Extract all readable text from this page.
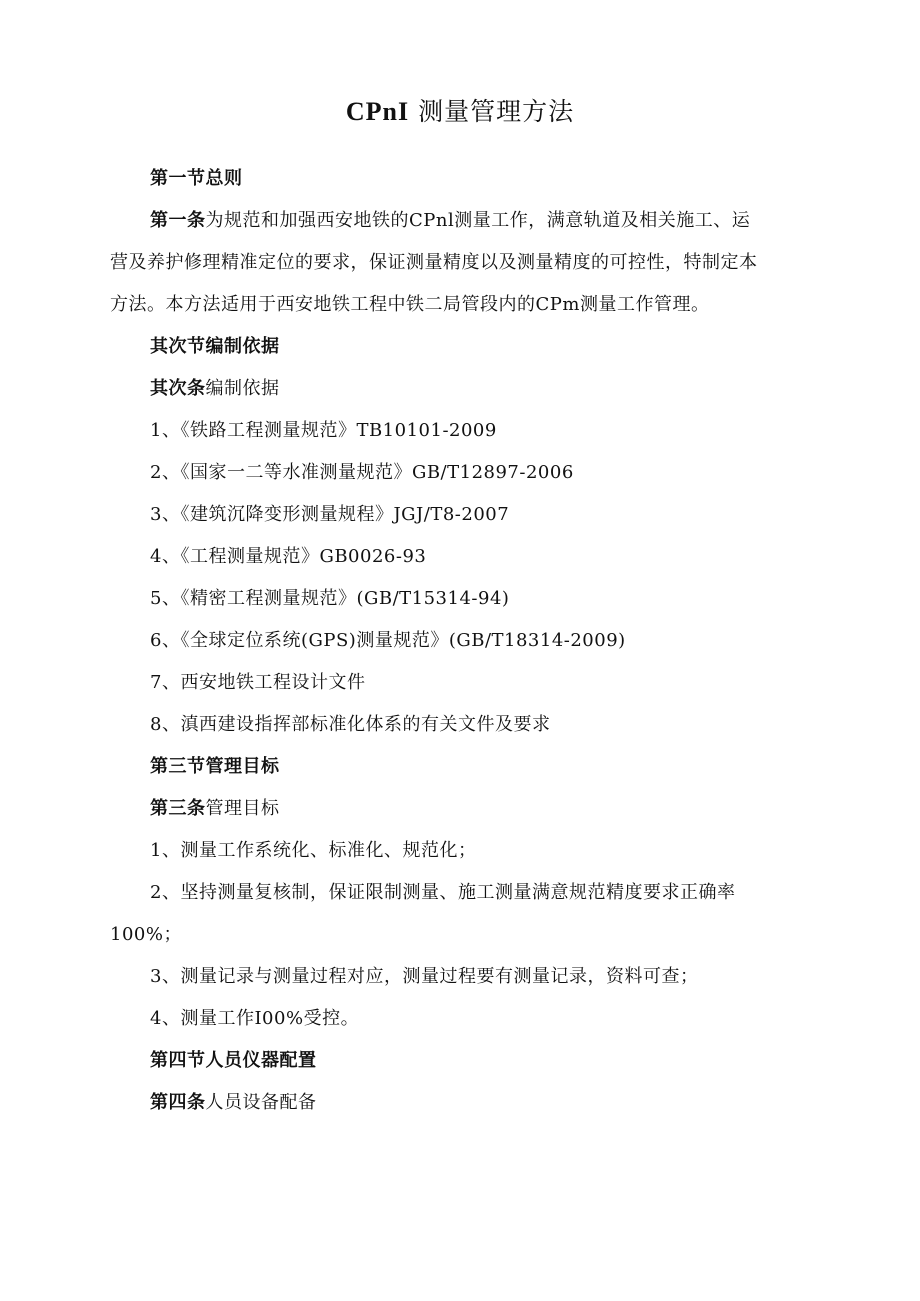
CPnI 测量管理方法
第一节总则
第一条为规范和加强西安地铁的CPnl测量工作，满意轨道及相关施工、运
营及养护修理精准定位的要求，保证测量精度以及测量精度的可控性，特制定本
方法。本方法适用于西安地铁工程中铁二局管段内的CPm测量工作管理。
其次节编制依据
其次条编制依据
1、《铁路工程测量规范》TB10101-2009
2、《国家一二等水准测量规范》GB/T12897-2006
3、《建筑沉降变形测量规程》JGJ/T8-2007
4、《工程测量规范》GB0026-93
5、《精密工程测量规范》(GB/T15314-94)
6、《全球定位系统(GPS)测量规范》(GB/T18314-2009)
7、西安地铁工程设计文件
8、滇西建设指挥部标准化体系的有关文件及要求
第三节管理目标
第三条管理目标
1、测量工作系统化、标准化、规范化；
2、坚持测量复核制，保证限制测量、施工测量满意规范精度要求正确率
100%；
3、测量记录与测量过程对应，测量过程要有测量记录，资料可查；
4、测量工作I00%受控。
第四节人员仪器配置
第四条人员设备配备
